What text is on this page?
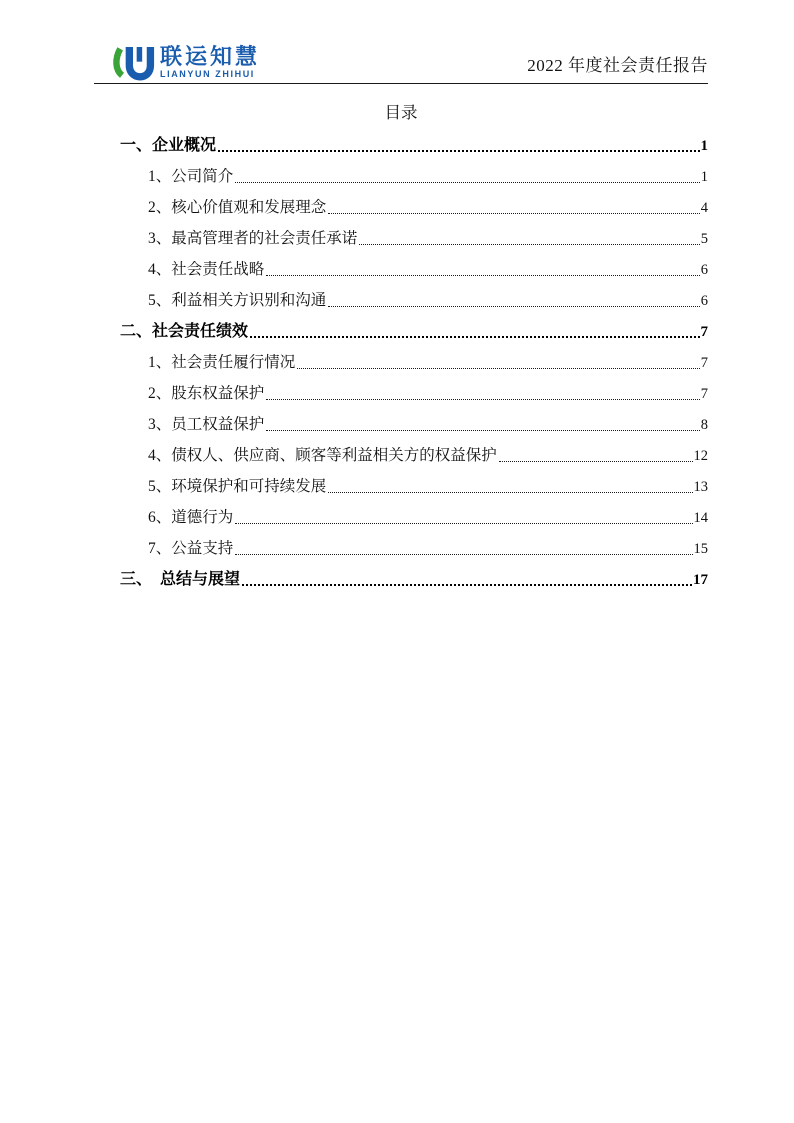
联运知慧
LIANYUN ZHIHUI	2022 年度社会责任报告
目录
一、企业概况	1
1、公司简介	1
2、核心价值观和发展理念	4
3、最高管理者的社会责任承诺	5
4、社会责任战略	6
5、利益相关方识别和沟通	6
二、社会责任绩效	7
1、社会责任履行情况	7
2、股东权益保护	7
3、员工权益保护	8
4、债权人、供应商、顾客等利益相关方的权益保护	12
5、环境保护和可持续发展	13
6、道德行为	14
7、公益支持	15
三、　总结与展望	17
